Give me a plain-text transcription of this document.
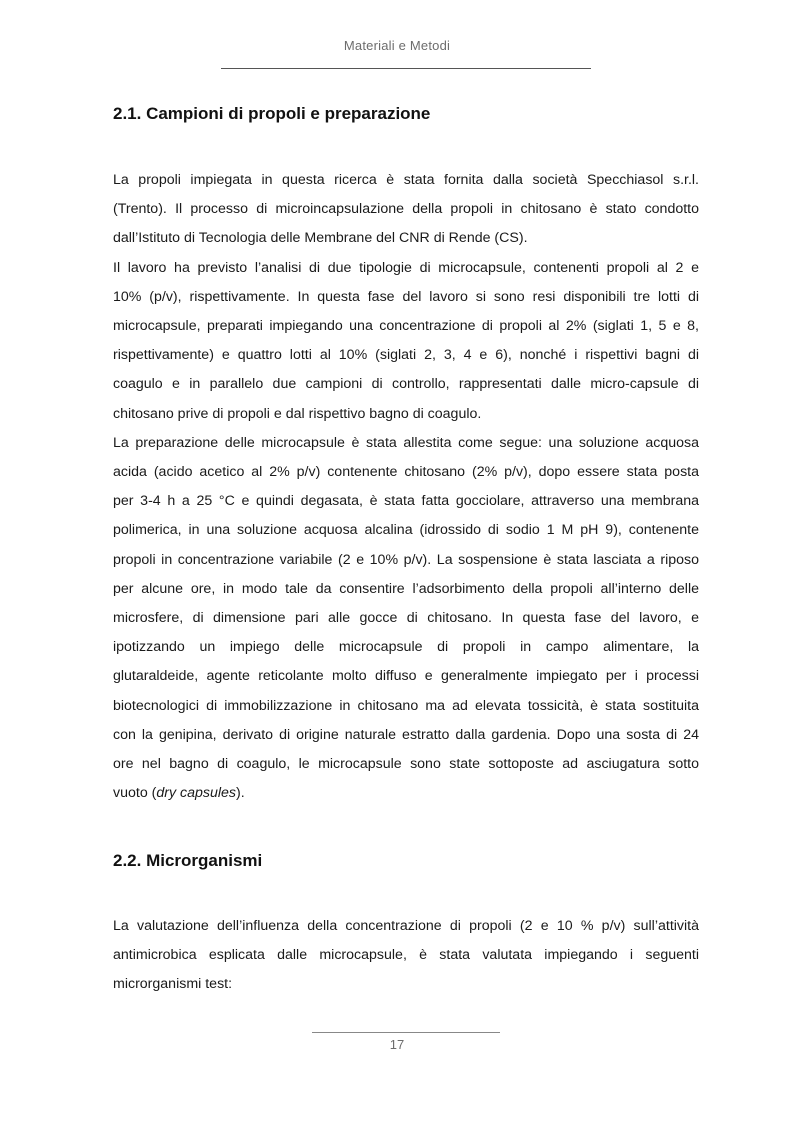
Materiali e Metodi
2.1. Campioni di propoli e preparazione
La propoli impiegata in questa ricerca è stata fornita dalla società Specchiasol s.r.l.
(Trento). Il processo di microincapsulazione della propoli in chitosano è stato condotto
dall’Istituto di Tecnologia delle Membrane del CNR di Rende (CS).
Il lavoro ha previsto l’analisi di due tipologie di microcapsule, contenenti propoli al 2 e
10% (p/v), rispettivamente. In questa fase del lavoro si sono resi disponibili tre lotti di
microcapsule, preparati impiegando una concentrazione di propoli al 2% (siglati 1, 5 e 8,
rispettivamente) e quattro lotti al 10% (siglati 2, 3, 4 e 6), nonché i rispettivi bagni di
coagulo e in parallelo due campioni di controllo, rappresentati dalle micro-capsule di
chitosano prive di propoli e dal rispettivo bagno di coagulo.
La preparazione delle microcapsule è stata allestita come segue: una soluzione acquosa
acida (acido acetico al 2% p/v) contenente chitosano (2% p/v), dopo essere stata posta
per 3-4 h a 25 °C e quindi degasata, è stata fatta gocciolare, attraverso una membrana
polimerica, in una soluzione acquosa alcalina (idrossido di sodio 1 M pH 9), contenente
propoli in concentrazione variabile (2 e 10% p/v). La sospensione è stata lasciata a riposo
per alcune ore, in modo tale da consentire l’adsorbimento della propoli all’interno delle
microsfere, di dimensione pari alle gocce di chitosano. In questa fase del lavoro, e
ipotizzando un impiego delle microcapsule di propoli in campo alimentare, la
glutaraldeide, agente reticolante molto diffuso e generalmente impiegato per i processi
biotecnologici di immobilizzazione in chitosano ma ad elevata tossicità, è stata sostituita
con la genipina, derivato di origine naturale estratto dalla gardenia. Dopo una sosta di 24
ore nel bagno di coagulo, le microcapsule sono state sottoposte ad asciugatura sotto
vuoto (dry capsules).
2.2. Microrganismi
La valutazione dell’influenza della concentrazione di propoli (2 e 10 % p/v) sull’attività
antimicrobica esplicata dalle microcapsule, è stata valutata impiegando i seguenti
microrganismi test:
17
